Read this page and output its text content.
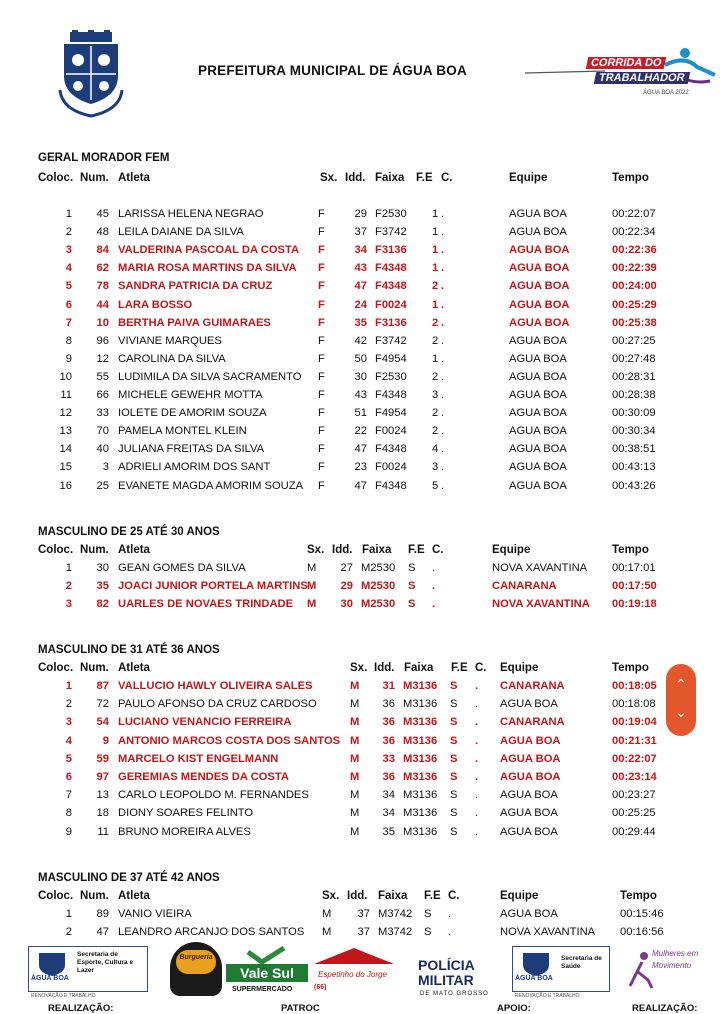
PREFEITURA MUNICIPAL DE ÁGUA BOA	CORRIDA DO
TRABALHADOR
ÁGUA BOA 2022
GERAL MORADOR FEM
Coloc. Num. Atleta	Sx. Idd. Faixa F.E C.	Equipe	Tempo
1 45 LARISSA HELENA NEGRAO	F	29 F2530 1 .	AGUA BOA	00:22:07
2 48 LEILA DAIANE DA SILVA	F	37 F3742 1 .	AGUA BOA	00:22:34
3 84 VALDERINA PASCOAL DA COSTA F	34 F3136 1 .	AGUA BOA	00:22:36
4 62 MARIA ROSA MARTINS DA SILVA F	43 F4348 1 .	AGUA BOA	00:22:39
5 78 SANDRA PATRICIA DA CRUZ	F	47 F4348 2 .	AGUA BOA	00:24:00
6 44 LARA BOSSO	F	24 F0024 1 .	AGUA BOA	00:25:29
7 10 BERTHA PAIVA GUIMARAES	F	35 F3136 2 .	AGUA BOA	00:25:38
8 96 VIVIANE MARQUES	F	42 F3742 2 .	AGUA BOA	00:27:25
9 12 CAROLINA DA SILVA	F	50 F4954 1 .	AGUA BOA	00:27:48
10 55 LUDIMILA DA SILVA SACRAMENTO F	30 F2530 2 .	AGUA BOA	00:28:31
11 66 MICHELE GEWEHR MOTTA	F	43 F4348 3 .	AGUA BOA	00:28:38
12 33 IOLETE DE AMORIM SOUZA	F	51 F4954 2 .	AGUA BOA	00:30:09
13 70 PAMELA MONTEL KLEIN	F	22 F0024 2 .	AGUA BOA	00:30:34
14 40 JULIANA FREITAS DA SILVA	F	47 F4348 4 .	AGUA BOA	00:38:51
15	3 ADRIELI AMORIM DOS SANT	F	23 F0024 3 .	AGUA BOA	00:43:13
16 25 EVANETE MAGDA AMORIM SOUZA F	47 F4348 5 .	AGUA BOA	00:43:26
MASCULINO DE 25 ATÉ 30 ANOS
Coloc. Num. Atleta	Sx. Idd. Faixa F.E C.	Equipe	Tempo
1 30 GEAN GOMES DA SILVA	M 27 M2530 S .	NOVA XAVANTINA 00:17:01
2 35 JOACI JUNIOR PORTELA MARTINS M 29 M2530 S .	CANARANA	00:17:50
3 82 UARLES DE NOVAES TRINDADE M 30 M2530 S .	NOVA XAVANTINA 00:19:18
MASCULINO DE 31 ATÉ 36 ANOS
Coloc. Num. Atleta	Sx. Idd. Faixa F.E C. Equipe	Tempo
1 87 VALLUCIO HAWLY OLIVEIRA SALES	M 31 M3136 S . CANARANA	00:18:05
2 72 PAULO AFONSO DA CRUZ CARDOSO	M 36 M3136 S . AGUA BOA	00:18:08
3 54 LUCIANO VENANCIO FERREIRA	M 36 M3136 S . CANARANA	00:19:04
4	9 ANTONIO MARCOS COSTA DOS SANTOS M 36 M3136 S . AGUA BOA	00:21:31
5 59 MARCELO KIST ENGELMANN	M 33 M3136 S . AGUA BOA	00:22:07
6 97 GEREMIAS MENDES DA COSTA	M 36 M3136 S . AGUA BOA	00:23:14
7 13 CARLO LEOPOLDO M. FERNANDES	M 34 M3136 S . AGUA BOA	00:23:27
8 18 DIONY SOARES FELINTO	M 34 M3136 S . AGUA BOA	00:25:25
9 11 BRUNO MOREIRA ALVES	M 35 M3136 S . AGUA BOA	00:29:44
MASCULINO DE 37 ATÉ 42 ANOS
Coloc. Num. Atleta	Sx. Idd. Faixa F.E C.	Equipe	Tempo
1 89 VANIO VIEIRA	M 37 M3742 S .	AGUA BOA	00:15:46
2 47 LEANDRO ARCANJO DOS SANTOS M 37 M3742 S .	NOVA XAVANTINA 00:16:56
⌃
⌄
ÁGUA BOA
Secretaria de Esporte, Cultura e Lazer
RENOVAÇÃO E TRABALHO
Burgueria
Vale Sul
SUPERMERCADO
Espetinho do Jorge
(66)
POLÍCIA MILITAR
DE MATO GROSSO
ÁGUA BOA
Secretaria de Saúde
RENOVAÇÃO E TRABALHO
Mulheres em Movimento
REALIZAÇÃO:	PATROC	APOIO:	REALIZAÇÃO:
